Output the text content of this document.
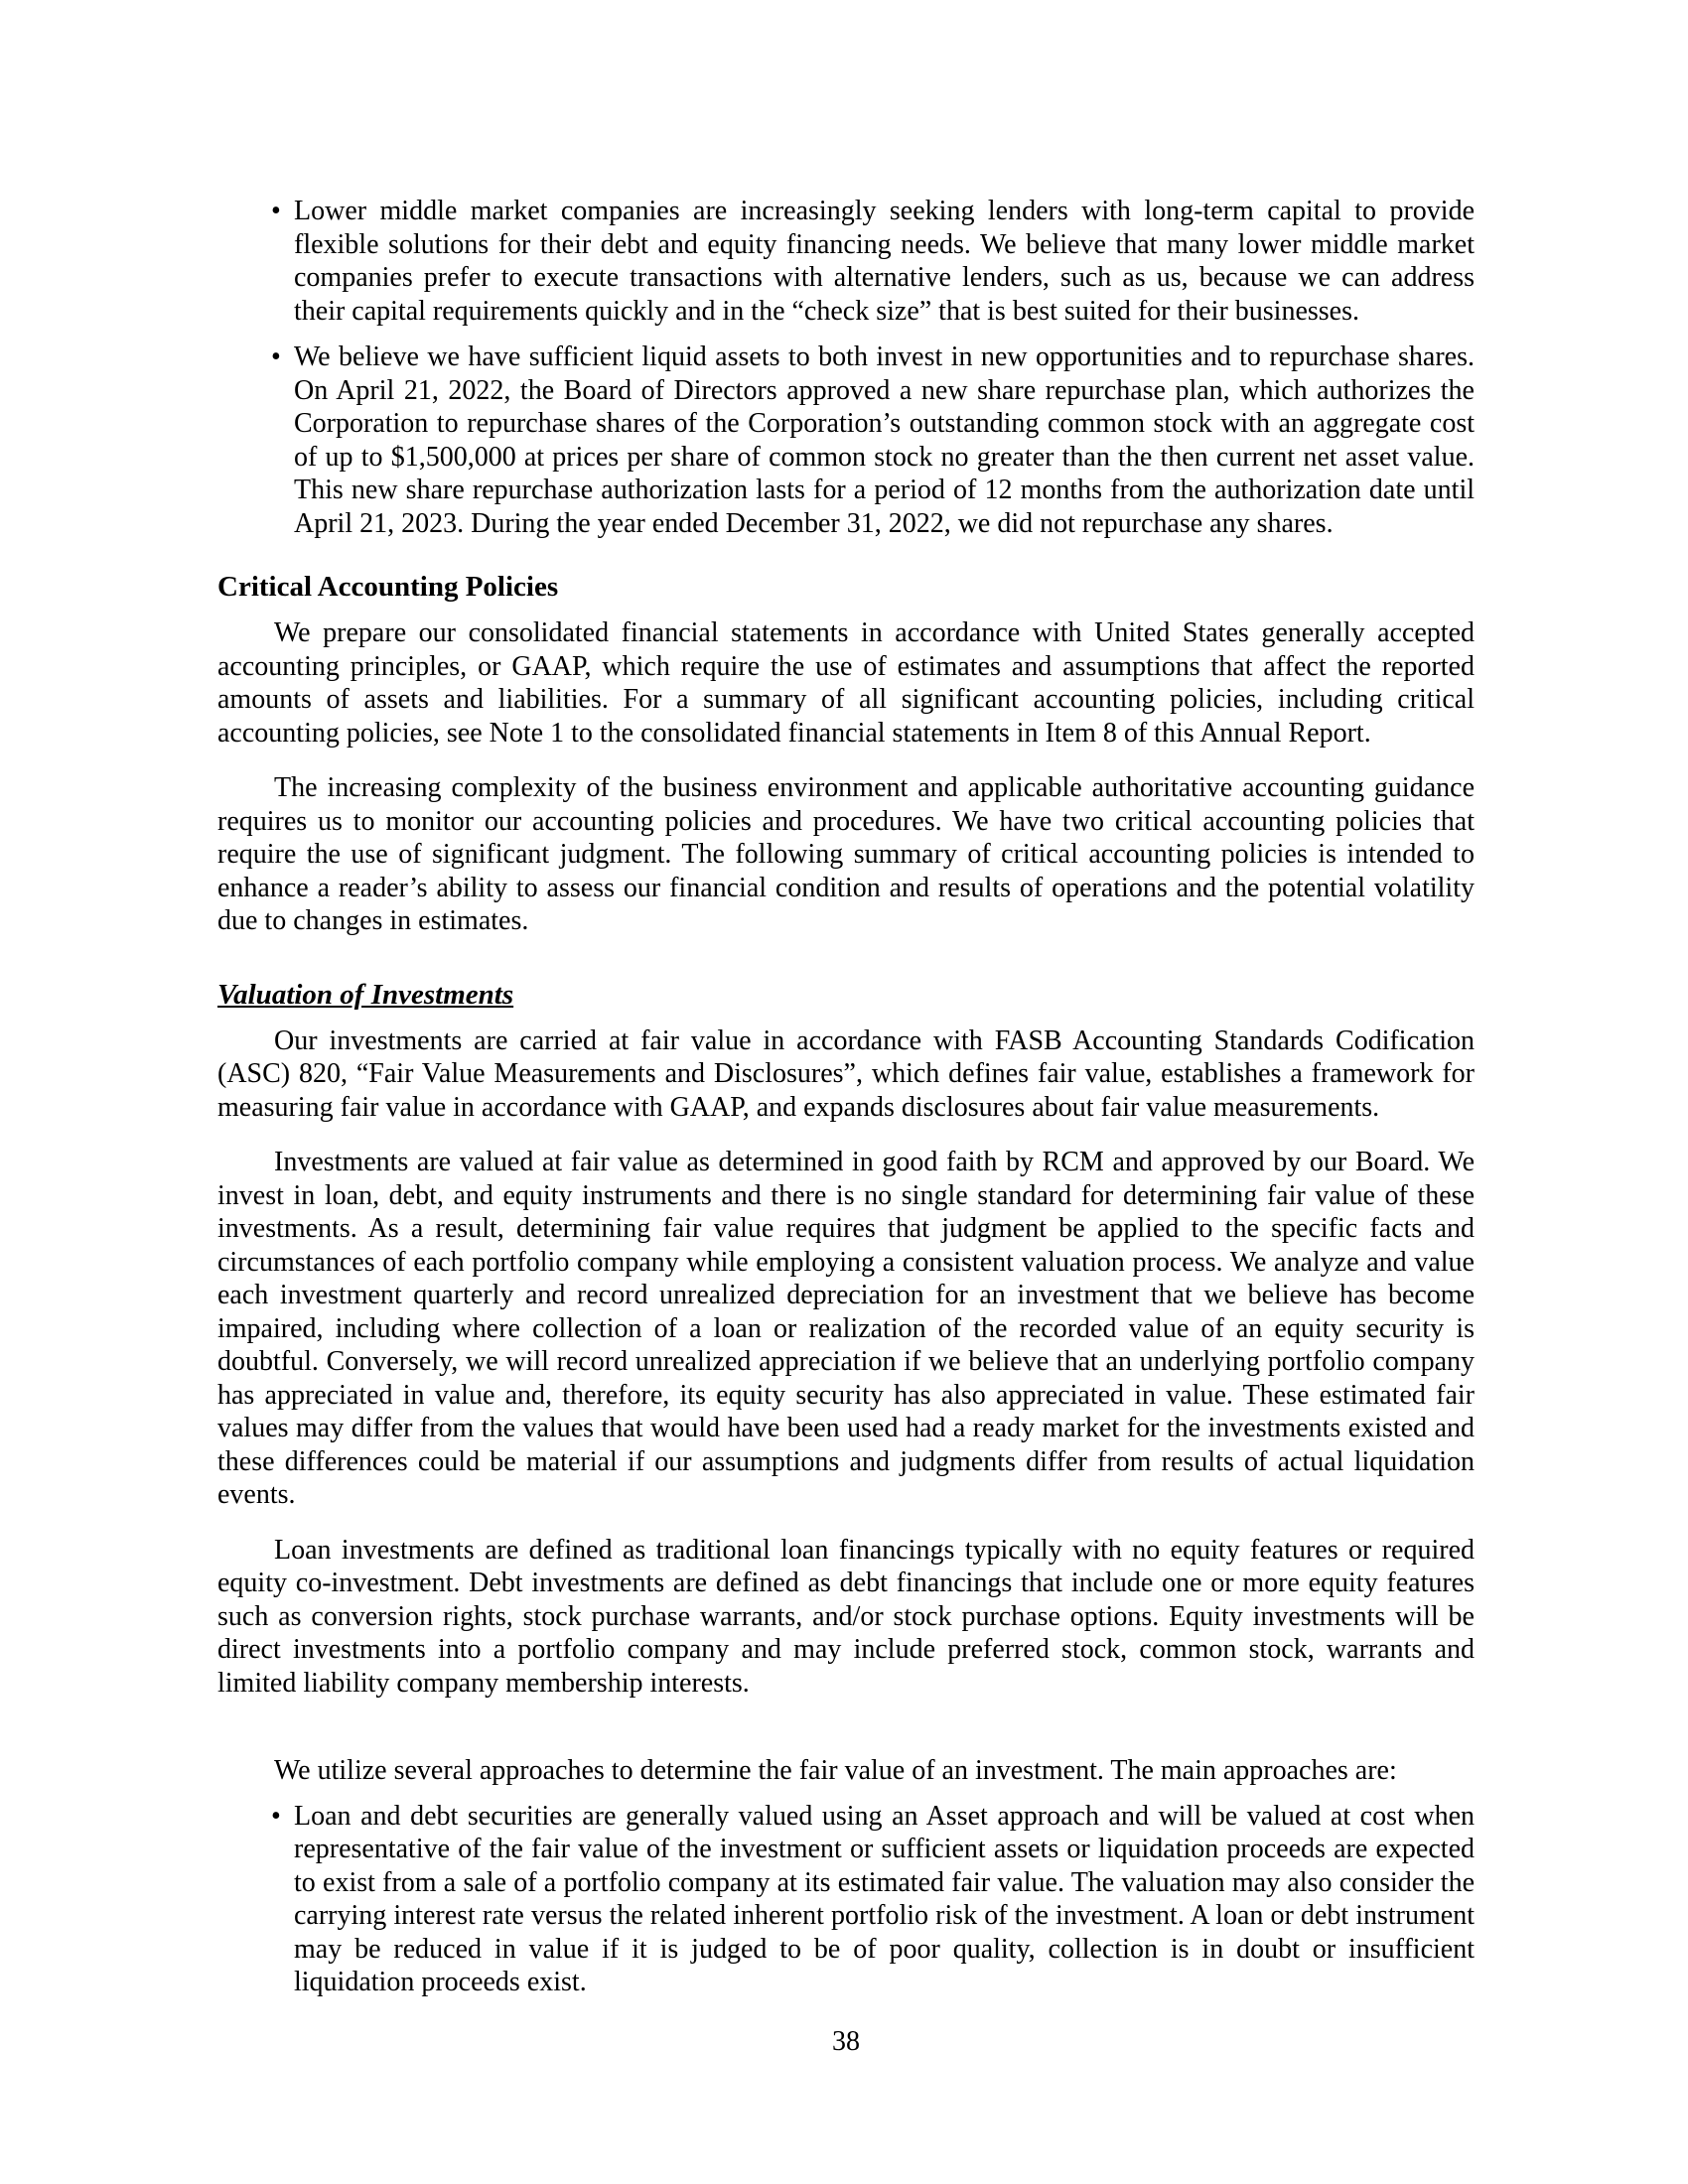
• Lower middle market companies are increasingly seeking lenders with long-term capital to provide flexible solutions for their debt and equity financing needs. We believe that many lower middle market companies prefer to execute transactions with alternative lenders, such as us, because we can address their capital requirements quickly and in the “check size” that is best suited for their businesses.
• We believe we have sufficient liquid assets to both invest in new opportunities and to repurchase shares. On April 21, 2022, the Board of Directors approved a new share repurchase plan, which authorizes the Corporation to repurchase shares of the Corporation’s outstanding common stock with an aggregate cost of up to $1,500,000 at prices per share of common stock no greater than the then current net asset value. This new share repurchase authorization lasts for a period of 12 months from the authorization date until April 21, 2023. During the year ended December 31, 2022, we did not repurchase any shares.
Critical Accounting Policies

We prepare our consolidated financial statements in accordance with United States generally accepted accounting principles, or GAAP, which require the use of estimates and assumptions that affect the reported amounts of assets and liabilities. For a summary of all significant accounting policies, including critical accounting policies, see Note 1 to the consolidated financial statements in Item 8 of this Annual Report.

The increasing complexity of the business environment and applicable authoritative accounting guidance requires us to monitor our accounting policies and procedures. We have two critical accounting policies that require the use of significant judgment. The following summary of critical accounting policies is intended to enhance a reader’s ability to assess our financial condition and results of operations and the potential volatility due to changes in estimates.

Valuation of Investments

Our investments are carried at fair value in accordance with FASB Accounting Standards Codification (ASC) 820, “Fair Value Measurements and Disclosures”, which defines fair value, establishes a framework for measuring fair value in accordance with GAAP, and expands disclosures about fair value measurements.

Investments are valued at fair value as determined in good faith by RCM and approved by our Board. We invest in loan, debt, and equity instruments and there is no single standard for determining fair value of these investments. As a result, determining fair value requires that judgment be applied to the specific facts and circumstances of each portfolio company while employing a consistent valuation process. We analyze and value each investment quarterly and record unrealized depreciation for an investment that we believe has become impaired, including where collection of a loan or realization of the recorded value of an equity security is doubtful. Conversely, we will record unrealized appreciation if we believe that an underlying portfolio company has appreciated in value and, therefore, its equity security has also appreciated in value. These estimated fair values may differ from the values that would have been used had a ready market for the investments existed and these differences could be material if our assumptions and judgments differ from results of actual liquidation events.

Loan investments are defined as traditional loan financings typically with no equity features or required equity co-investment. Debt investments are defined as debt financings that include one or more equity features such as conversion rights, stock purchase warrants, and/or stock purchase options. Equity investments will be direct investments into a portfolio company and may include preferred stock, common stock, warrants and limited liability company membership interests.

We utilize several approaches to determine the fair value of an investment. The main approaches are:

• Loan and debt securities are generally valued using an Asset approach and will be valued at cost when representative of the fair value of the investment or sufficient assets or liquidation proceeds are expected to exist from a sale of a portfolio company at its estimated fair value. The valuation may also consider the carrying interest rate versus the related inherent portfolio risk of the investment. A loan or debt instrument may be reduced in value if it is judged to be of poor quality, collection is in doubt or insufficient liquidation proceeds exist.
38
